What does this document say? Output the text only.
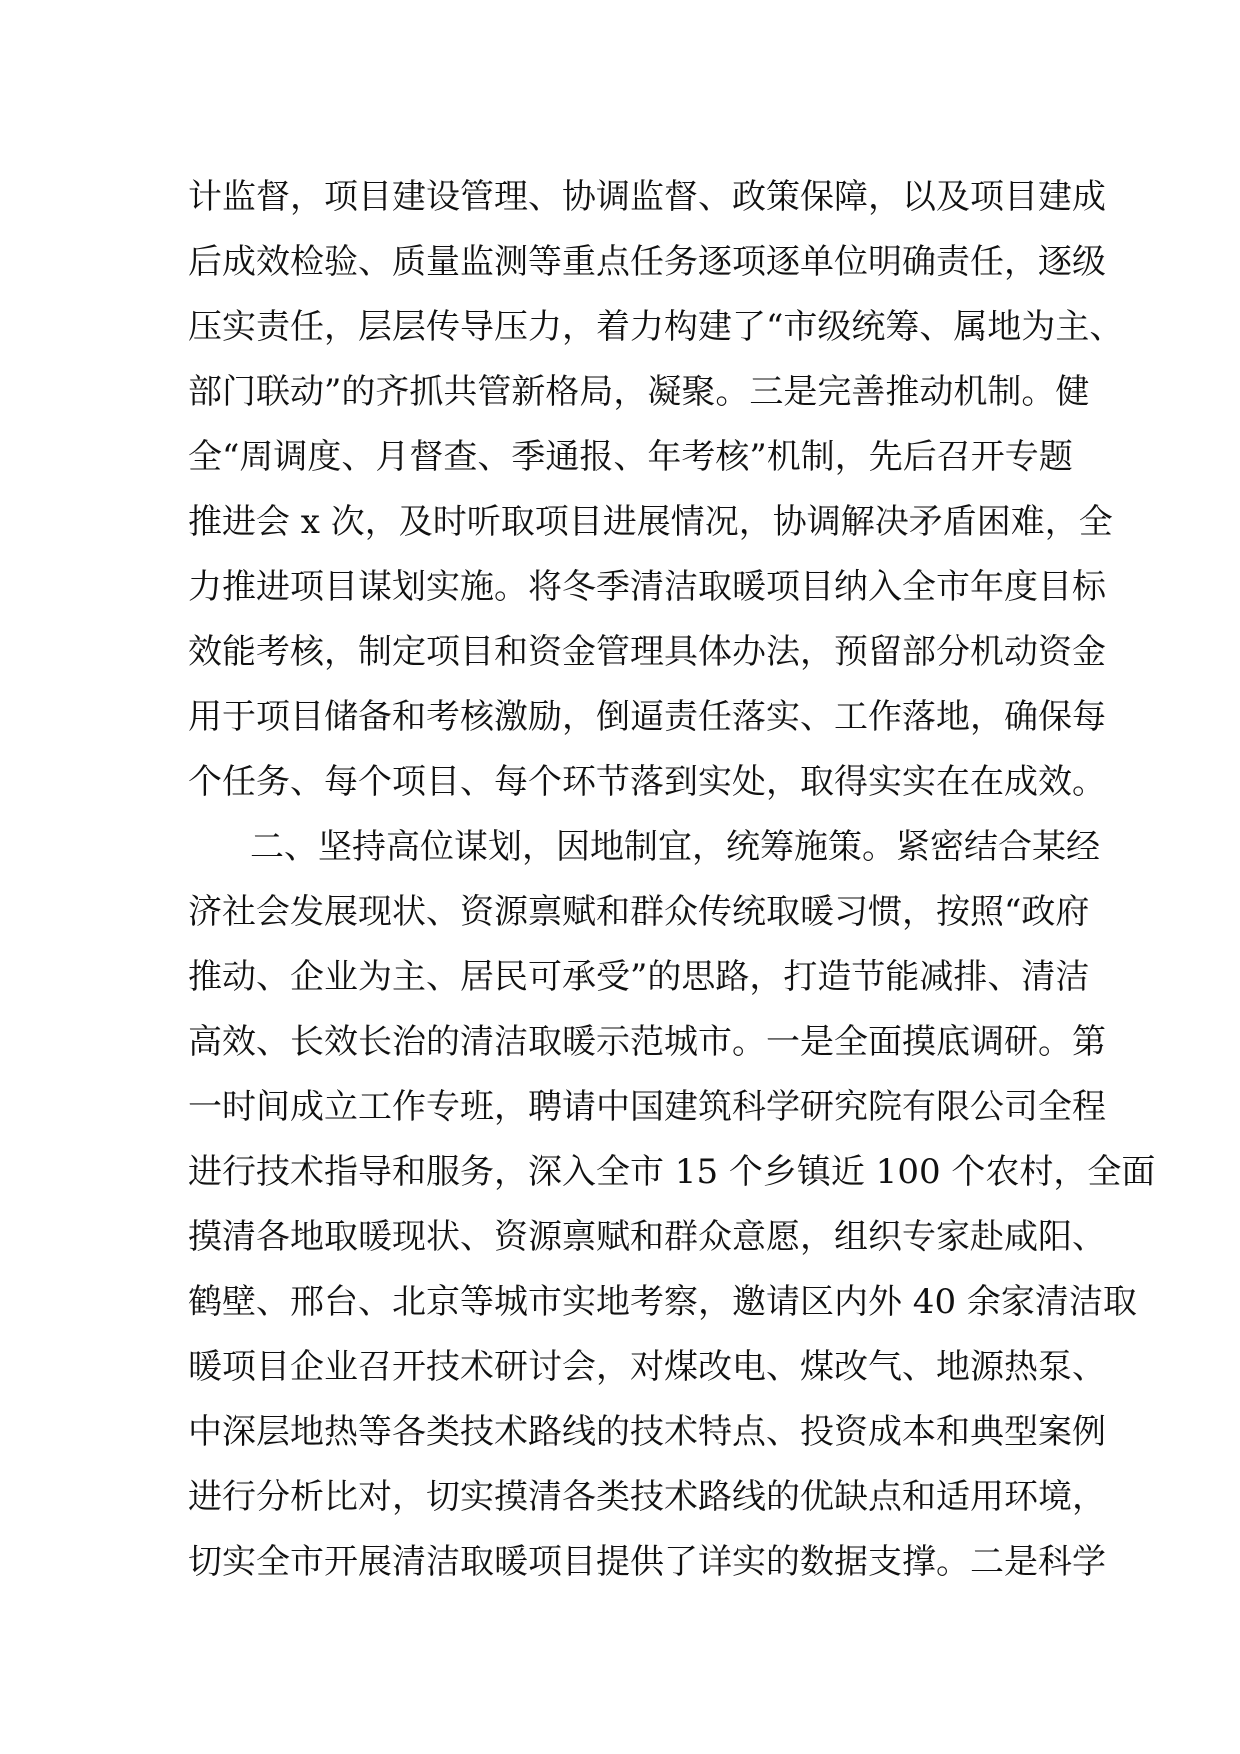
计监督，项目建设管理、协调监督、政策保障，以及项目建成
后成效检验、质量监测等重点任务逐项逐单位明确责任，逐级
压实责任，层层传导压力，着力构建了“市级统筹、属地为主、
部门联动”的齐抓共管新格局，凝聚。三是完善推动机制。健
全“周调度、月督查、季通报、年考核”机制，先后召开专题
推进会 x 次，及时听取项目进展情况，协调解决矛盾困难，全
力推进项目谋划实施。将冬季清洁取暖项目纳入全市年度目标
效能考核，制定项目和资金管理具体办法，预留部分机动资金
用于项目储备和考核激励，倒逼责任落实、工作落地，确保每
个任务、每个项目、每个环节落到实处，取得实实在在成效。
二、坚持高位谋划，因地制宜，统筹施策。紧密结合某经
济社会发展现状、资源禀赋和群众传统取暖习惯，按照“政府
推动、企业为主、居民可承受”的思路，打造节能减排、清洁
高效、长效长治的清洁取暖示范城市。一是全面摸底调研。第
一时间成立工作专班，聘请中国建筑科学研究院有限公司全程
进行技术指导和服务，深入全市 15 个乡镇近 100 个农村，全面
摸清各地取暖现状、资源禀赋和群众意愿，组织专家赴咸阳、
鹤壁、邢台、北京等城市实地考察，邀请区内外 40 余家清洁取
暖项目企业召开技术研讨会，对煤改电、煤改气、地源热泵、
中深层地热等各类技术路线的技术特点、投资成本和典型案例
进行分析比对，切实摸清各类技术路线的优缺点和适用环境，
切实全市开展清洁取暖项目提供了详实的数据支撑。二是科学
